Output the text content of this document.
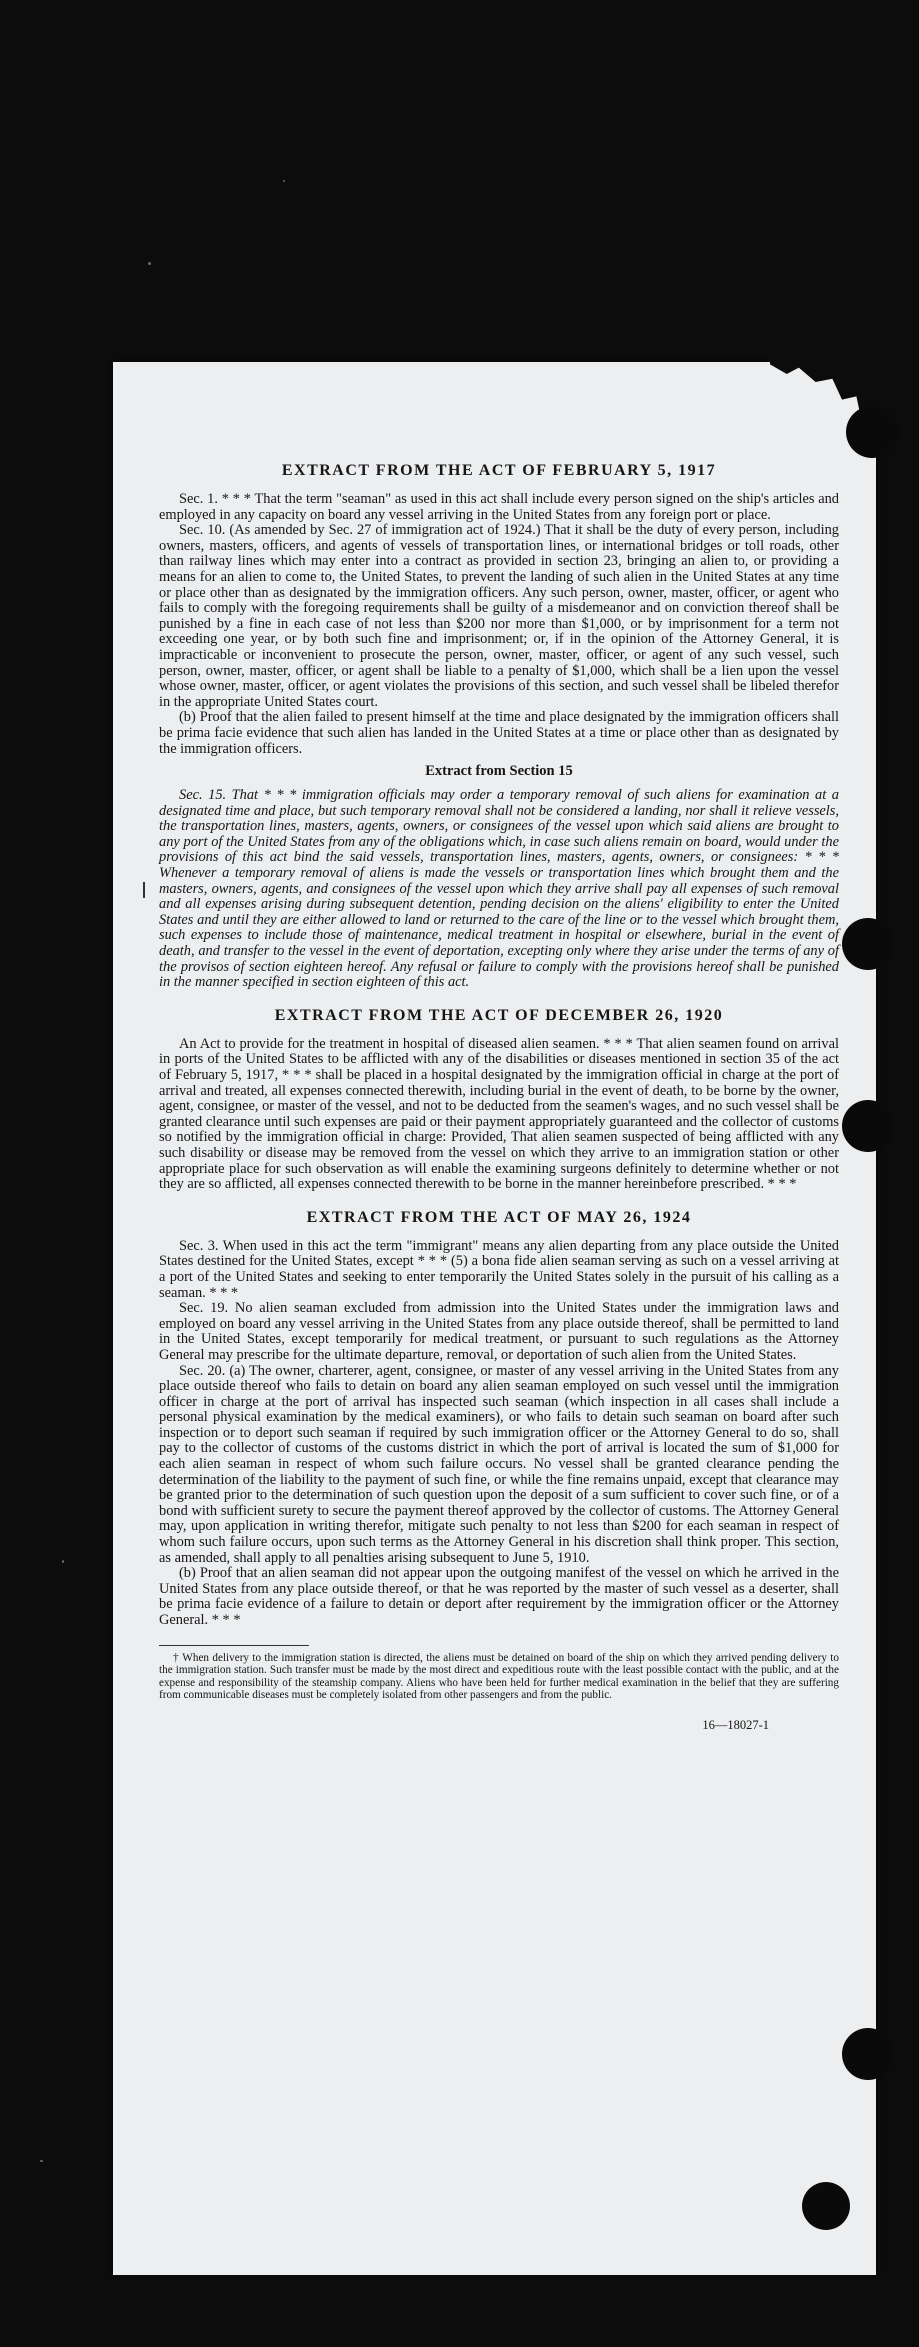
EXTRACT FROM THE ACT OF FEBRUARY 5, 1917

Sec. 1. * * * That the term "seaman" as used in this act shall include every person signed on the ship's articles and employed in any capacity on board any vessel arriving in the United States from any foreign port or place.

Sec. 10. (As amended by Sec. 27 of immigration act of 1924.) That it shall be the duty of every person, including owners, masters, officers, and agents of vessels of transportation lines, or international bridges or toll roads, other than railway lines which may enter into a contract as provided in section 23, bringing an alien to, or providing a means for an alien to come to, the United States, to prevent the landing of such alien in the United States at any time or place other than as designated by the immigration officers. Any such person, owner, master, officer, or agent who fails to comply with the foregoing requirements shall be guilty of a misdemeanor and on conviction thereof shall be punished by a fine in each case of not less than $200 nor more than $1,000, or by imprisonment for a term not exceeding one year, or by both such fine and imprisonment; or, if in the opinion of the Attorney General, it is impracticable or inconvenient to prosecute the person, owner, master, officer, or agent of any such vessel, such person, owner, master, officer, or agent shall be liable to a penalty of $1,000, which shall be a lien upon the vessel whose owner, master, officer, or agent violates the provisions of this section, and such vessel shall be libeled therefor in the appropriate United States court.

(b) Proof that the alien failed to present himself at the time and place designated by the immigration officers shall be prima facie evidence that such alien has landed in the United States at a time or place other than as designated by the immigration officers.

Extract from Section 15

Sec. 15. That * * * immigration officials may order a temporary removal of such aliens for examination at a designated time and place, but such temporary removal shall not be considered a landing, nor shall it relieve vessels, the transportation lines, masters, agents, owners, or consignees of the vessel upon which said aliens are brought to any port of the United States from any of the obligations which, in case such aliens remain on board, would under the provisions of this act bind the said vessels, transportation lines, masters, agents, owners, or consignees: * * * Whenever a temporary removal of aliens is made the vessels or transportation lines which brought them and the masters, owners, agents, and consignees of the vessel upon which they arrive shall pay all expenses of such removal and all expenses arising during subsequent detention, pending decision on the aliens' eligibility to enter the United States and until they are either allowed to land or returned to the care of the line or to the vessel which brought them, such expenses to include those of maintenance, medical treatment in hospital or elsewhere, burial in the event of death, and transfer to the vessel in the event of deportation, excepting only where they arise under the terms of any of the provisos of section eighteen hereof. Any refusal or failure to comply with the provisions hereof shall be punished in the manner specified in section eighteen of this act.

EXTRACT FROM THE ACT OF DECEMBER 26, 1920

An Act to provide for the treatment in hospital of diseased alien seamen. * * * That alien seamen found on arrival in ports of the United States to be afflicted with any of the disabilities or diseases mentioned in section 35 of the act of February 5, 1917, * * * shall be placed in a hospital designated by the immigration official in charge at the port of arrival and treated, all expenses connected therewith, including burial in the event of death, to be borne by the owner, agent, consignee, or master of the vessel, and not to be deducted from the seamen's wages, and no such vessel shall be granted clearance until such expenses are paid or their payment appropriately guaranteed and the collector of customs so notified by the immigration official in charge: Provided, That alien seamen suspected of being afflicted with any such disability or disease may be removed from the vessel on which they arrive to an immigration station or other appropriate place for such observation as will enable the examining surgeons definitely to determine whether or not they are so afflicted, all expenses connected therewith to be borne in the manner hereinbefore prescribed. * * *

EXTRACT FROM THE ACT OF MAY 26, 1924

Sec. 3. When used in this act the term "immigrant" means any alien departing from any place outside the United States destined for the United States, except * * * (5) a bona fide alien seaman serving as such on a vessel arriving at a port of the United States and seeking to enter temporarily the United States solely in the pursuit of his calling as a seaman. * * *

Sec. 19. No alien seaman excluded from admission into the United States under the immigration laws and employed on board any vessel arriving in the United States from any place outside thereof, shall be permitted to land in the United States, except temporarily for medical treatment, or pursuant to such regulations as the Attorney General may prescribe for the ultimate departure, removal, or deportation of such alien from the United States.

Sec. 20. (a) The owner, charterer, agent, consignee, or master of any vessel arriving in the United States from any place outside thereof who fails to detain on board any alien seaman employed on such vessel until the immigration officer in charge at the port of arrival has inspected such seaman (which inspection in all cases shall include a personal physical examination by the medical examiners), or who fails to detain such seaman on board after such inspection or to deport such seaman if required by such immigration officer or the Attorney General to do so, shall pay to the collector of customs of the customs district in which the port of arrival is located the sum of $1,000 for each alien seaman in respect of whom such failure occurs. No vessel shall be granted clearance pending the determination of the liability to the payment of such fine, or while the fine remains unpaid, except that clearance may be granted prior to the determination of such question upon the deposit of a sum sufficient to cover such fine, or of a bond with sufficient surety to secure the payment thereof approved by the collector of customs. The Attorney General may, upon application in writing therefor, mitigate such penalty to not less than $200 for each seaman in respect of whom such failure occurs, upon such terms as the Attorney General in his discretion shall think proper. This section, as amended, shall apply to all penalties arising subsequent to June 5, 1910.

(b) Proof that an alien seaman did not appear upon the outgoing manifest of the vessel on which he arrived in the United States from any place outside thereof, or that he was reported by the master of such vessel as a deserter, shall be prima facie evidence of a failure to detain or deport after requirement by the immigration officer or the Attorney General. * * *

† When delivery to the immigration station is directed, the aliens must be detained on board of the ship on which they arrived pending delivery to the immigration station. Such transfer must be made by the most direct and expeditious route with the least possible contact with the public, and at the expense and responsibility of the steamship company. Aliens who have been held for further medical examination in the belief that they are suffering from communicable diseases must be completely isolated from other passengers and from the public.

16—18027-1
